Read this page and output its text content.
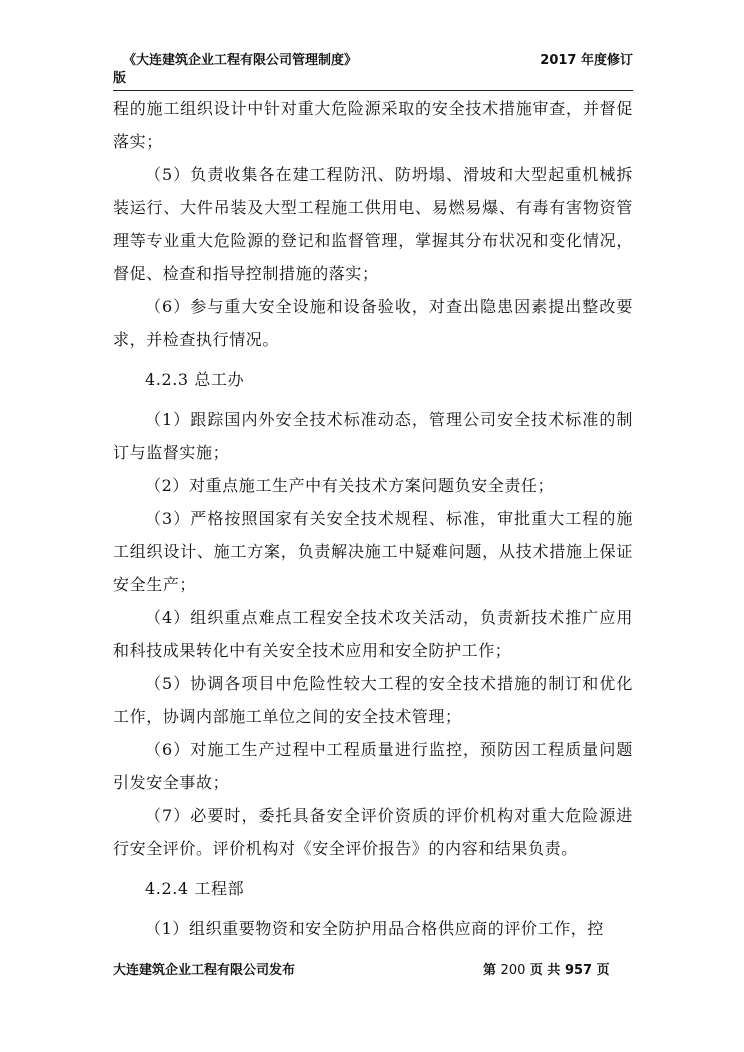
《大连建筑企业工程有限公司管理制度》	2017 年度修订
版

程的施工组织设计中针对重大危险源采取的安全技术措施审查，并督促落实；

（5）负责收集各在建工程防汛、防坍塌、滑坡和大型起重机械拆装运行、大件吊装及大型工程施工供用电、易燃易爆、有毒有害物资管理等专业重大危险源的登记和监督管理，掌握其分布状况和变化情况，督促、检查和指导控制措施的落实；

（6）参与重大安全设施和设备验收，对查出隐患因素提出整改要求，并检查执行情况。

4.2.3 总工办

（1）跟踪国内外安全技术标准动态，管理公司安全技术标准的制订与监督实施；

（2）对重点施工生产中有关技术方案问题负安全责任；

（3）严格按照国家有关安全技术规程、标准，审批重大工程的施工组织设计、施工方案，负责解决施工中疑难问题，从技术措施上保证安全生产；

（4）组织重点难点工程安全技术攻关活动，负责新技术推广应用和科技成果转化中有关安全技术应用和安全防护工作；

（5）协调各项目中危险性较大工程的安全技术措施的制订和优化工作，协调内部施工单位之间的安全技术管理；

（6）对施工生产过程中工程质量进行监控，预防因工程质量问题引发安全事故；

（7）必要时，委托具备安全评价资质的评价机构对重大危险源进行安全评价。评价机构对《安全评价报告》的内容和结果负责。

4.2.4 工程部

（1）组织重要物资和安全防护用品合格供应商的评价工作，控

大连建筑企业工程有限公司发布	第 200 页 共 957 页
